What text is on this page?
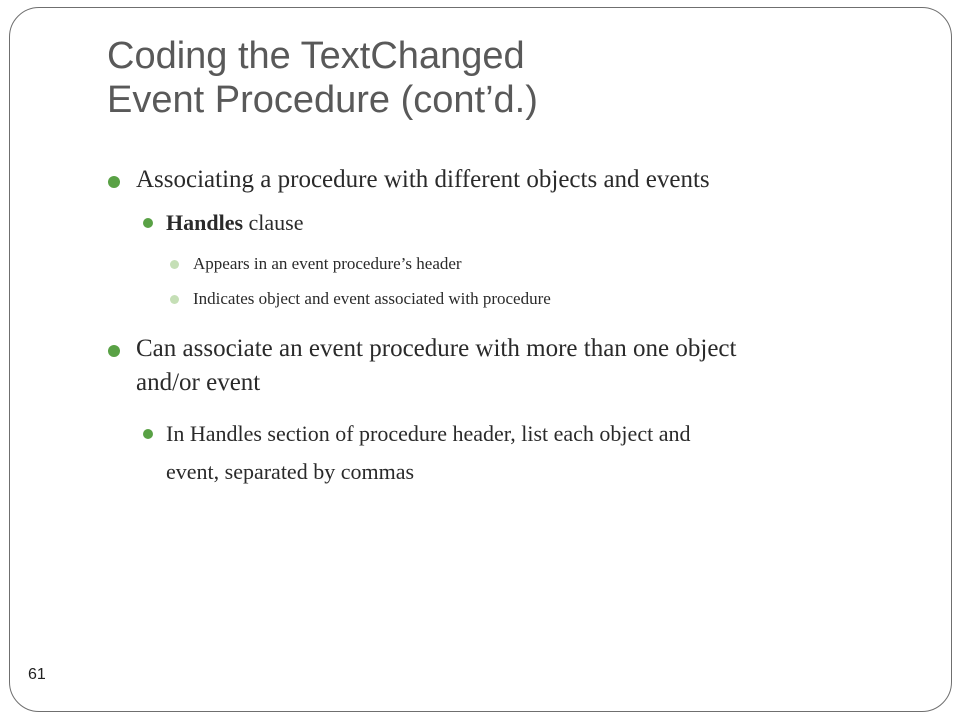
Coding the TextChanged
Event Procedure (cont’d.)
Associating a procedure with different objects and events
Handles clause
Appears in an event procedure’s header
Indicates object and event associated with procedure
Can associate an event procedure with more than one object
and/or event
In Handles section of procedure header, list each object and
event, separated by commas
61
